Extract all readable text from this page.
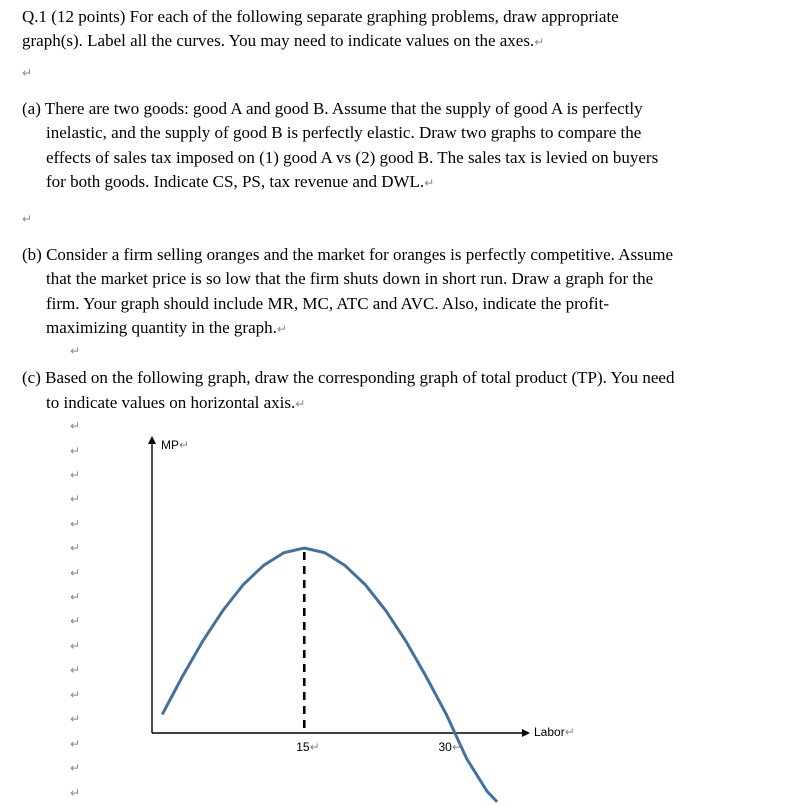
Q.1 (12 points) For each of the following separate graphing problems, draw appropriate
graph(s). Label all the curves. You may need to indicate values on the axes.↵
↵
(a) There are two goods: good A and good B. Assume that the supply of good A is perfectly
inelastic, and the supply of good B is perfectly elastic. Draw two graphs to compare the
effects of sales tax imposed on (1) good A vs (2) good B. The sales tax is levied on buyers
for both goods. Indicate CS, PS, tax revenue and DWL.↵
↵
(b) Consider a firm selling oranges and the market for oranges is perfectly competitive. Assume
that the market price is so low that the firm shuts down in short run. Draw a graph for the
firm. Your graph should include MR, MC, ATC and AVC. Also, indicate the profit-
maximizing quantity in the graph.↵
↵
(c) Based on the following graph, draw the corresponding graph of total product (TP). You need
to indicate values on horizontal axis.↵
↵
↵
↵
↵
↵
↵
↵
↵
↵
↵
↵
↵
↵
↵
↵
↵
MP↵
Labor↵
15↵	30↵
